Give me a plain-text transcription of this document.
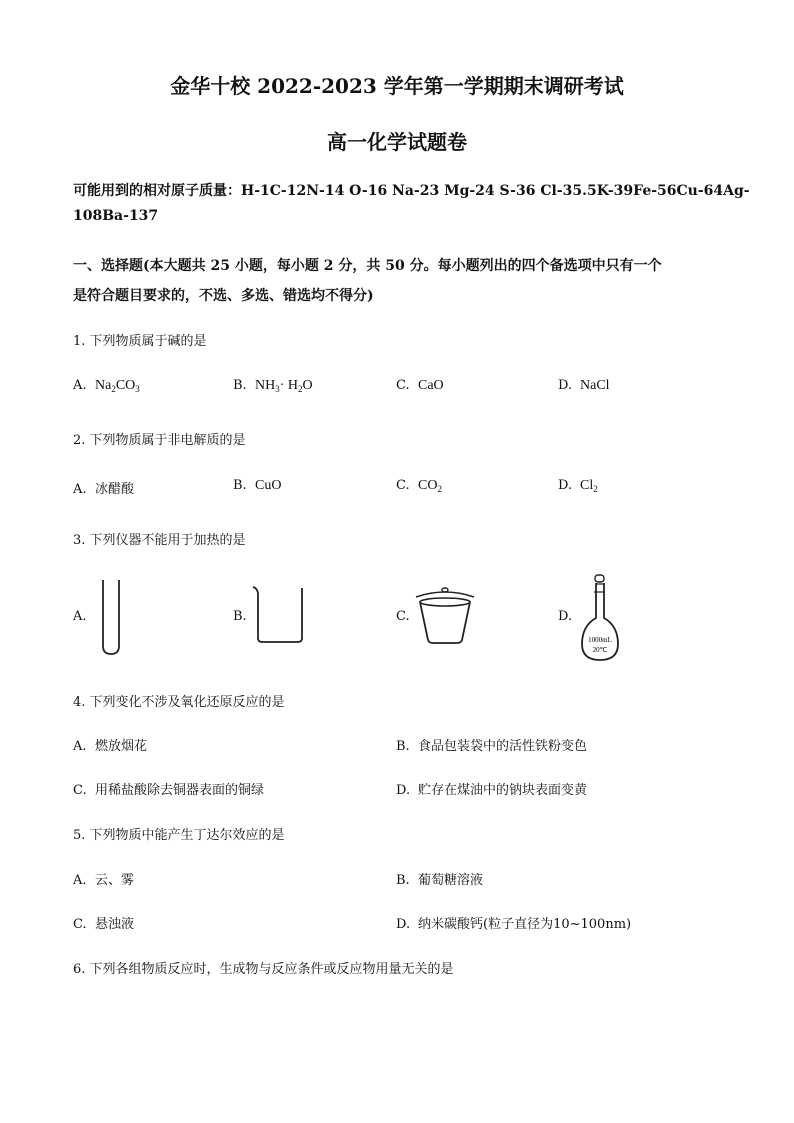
金华十校 2022-2023 学年第一学期期末调研考试
高一化学试题卷
可能用到的相对原子质量：H-1C-12N-14 O-16 Na-23 Mg-24 S-36 Cl-35.5K-39Fe-56Cu-64Ag-
108Ba-137
一、选择题(本大题共 25 小题，每小题 2 分，共 50 分。每小题列出的四个备选项中只有一个
是符合题目要求的，不选、多选、错选均不得分)
1. 下列物质属于碱的是
A. $Na_2CO_3$	B. $NH_3\cdot H_2O$	C. CaO	D. NaCl
2. 下列物质属于非电解质的是
A. 冰醋酸	B. CuO	C. $CO_2$	D. $Cl_2$
3. 下列仪器不能用于加热的是
A.	B.	C.	D.
1000mL
20℃
4. 下列变化不涉及氧化还原反应的是
A. 燃放烟花	B. 食品包装袋中的活性铁粉变色
C. 用稀盐酸除去铜器表面的铜绿	D. 贮存在煤油中的钠块表面变黄
5. 下列物质中能产生丁达尔效应的是
A. 云、雾	B. 葡萄糖溶液
C. 悬浊液	D. 纳米碳酸钙(粒子直径为10~100nm)
6. 下列各组物质反应时，生成物与反应条件或反应物用量无关的是
